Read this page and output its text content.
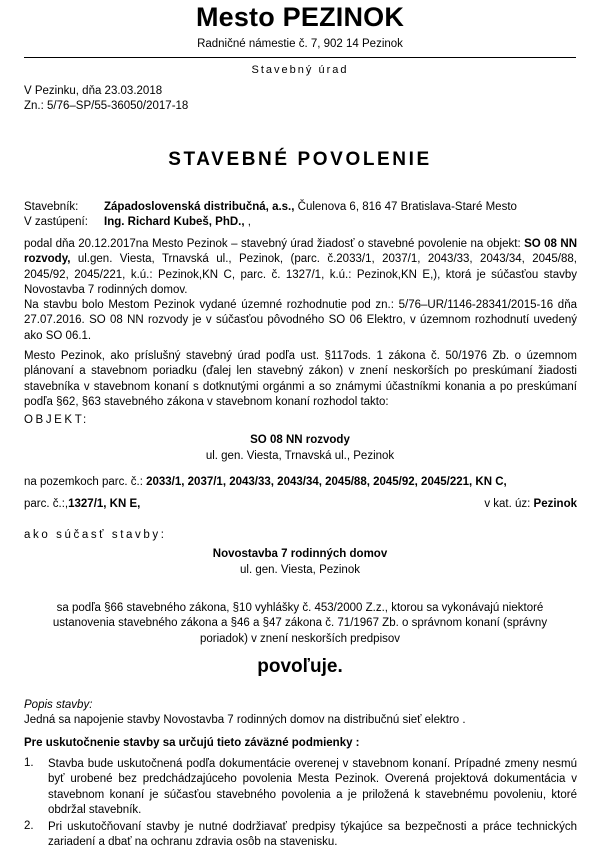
Mesto PEZINOK
Radničné námestie č. 7, 902 14 Pezinok
Stavebný úrad
V Pezinku, dňa 23.03.2018
Zn.: 5/76–SP/55-36050/2017-18
STAVEBNÉ POVOLENIE
Stavebník: Západoslovenská distribučná, a.s., Čulenova 6, 816 47 Bratislava-Staré Mesto
V zastúpení: Ing. Richard Kubeš, PhD., ,
podal dňa 20.12.2017na Mesto Pezinok – stavebný úrad žiadosť o stavebné povolenie na objekt: SO 08 NN rozvody, ul.gen. Viesta, Trnavská ul., Pezinok, (parc. č.2033/1, 2037/1, 2043/33, 2043/34, 2045/88, 2045/92, 2045/221, k.ú.: Pezinok,KN C, parc. č. 1327/1, k.ú.: Pezinok,KN E,), ktorá je súčasťou stavby Novostavba 7 rodinných domov.
Na stavbu bolo Mestom Pezinok vydané územné rozhodnutie pod zn.: 5/76–UR/1146-28341/2015-16 dňa 27.07.2016. SO 08 NN rozvody je v súčasťou pôvodného SO 06 Elektro, v územnom rozhodnutí uvedený ako SO 06.1.
Mesto Pezinok, ako príslušný stavebný úrad podľa ust. §117ods. 1 zákona č. 50/1976 Zb. o územnom plánovaní a stavebnom poriadku (ďalej len stavebný zákon) v znení neskorších po preskúmaní žiadosti stavebníka v stavebnom konaní s dotknutými orgánmi a so známymi účastníkmi konania a po preskúmaní podľa §62, §63 stavebného zákona v stavebnom konaní rozhodol takto:
OBJEKT:
SO 08 NN rozvody
ul. gen. Viesta, Trnavská ul., Pezinok
na pozemkoch parc. č.: 2033/1, 2037/1, 2043/33, 2043/34, 2045/88, 2045/92, 2045/221, KN C,
parc. č.:,1327/1, KN E,	v kat. úz: Pezinok
ako súčasť stavby:
Novostavba 7 rodinných domov
ul. gen. Viesta, Pezinok
sa podľa §66 stavebného zákona, §10 vyhlášky č. 453/2000 Z.z., ktorou sa vykonávajú niektoré ustanovenia stavebného zákona a §46 a §47 zákona č. 71/1967 Zb. o správnom konaní (správny poriadok) v znení neskorších predpisov
povoľuje.
Popis stavby:
Jedná sa napojenie stavby Novostavba 7 rodinných domov na distribučnú sieť elektro .
Pre uskutočnenie stavby sa určujú tieto záväzné podmienky :
1. Stavba bude uskutočnená podľa dokumentácie overenej v stavebnom konaní. Prípadné zmeny nesmú byť urobené bez predchádzajúceho povolenia Mesta Pezinok. Overená projektová dokumentácia v stavebnom konaní je súčasťou stavebného povolenia a je priložená k stavebnému povoleniu, ktoré obdržal stavebník.
2. Pri uskutočňovaní stavby je nutné dodržiavať predpisy týkajúce sa bezpečnosti a práce technických zariadení a dbať na ochranu zdravia osôb na stavenisku.
